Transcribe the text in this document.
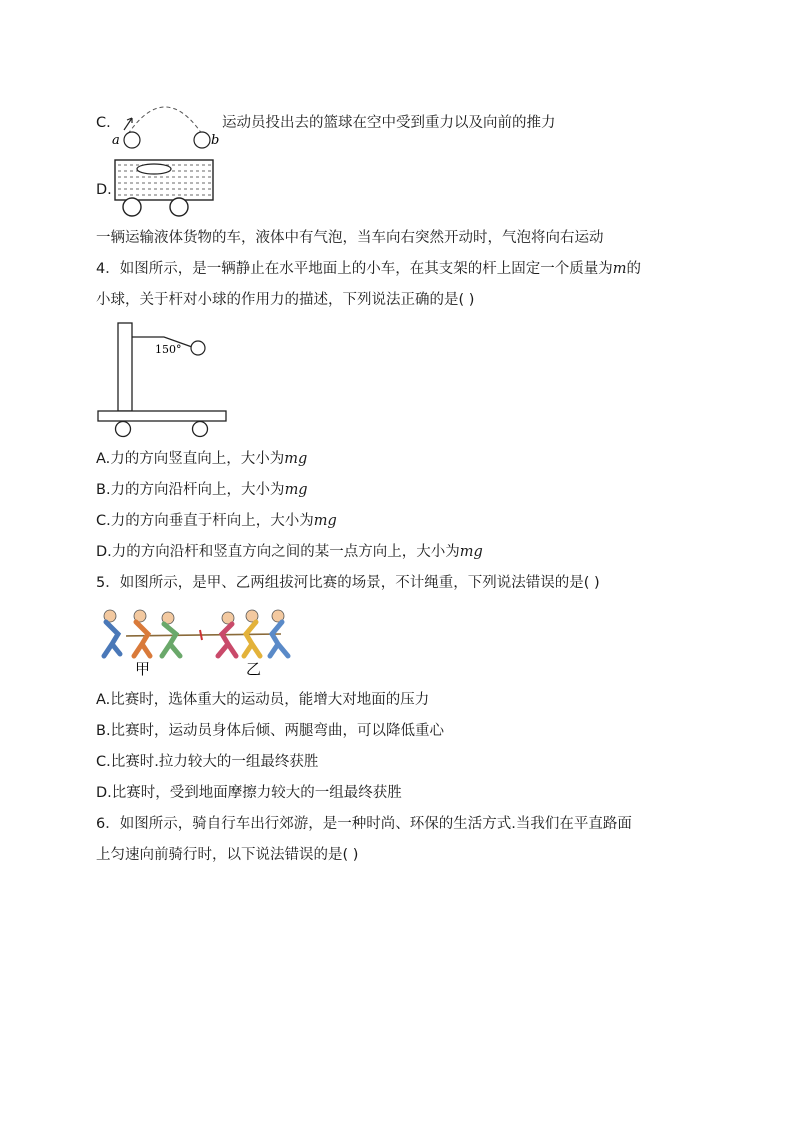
C.
a	b
运动员投出去的篮球在空中受到重力以及向前的推力
D.
一辆运输液体货物的车，液体中有气泡，当车向右突然开动时，气泡将向右运动
4．如图所示，是一辆静止在水平地面上的小车，在其支架的杆上固定一个质量为m的
小球，关于杆对小球的作用力的描述，下列说法正确的是( )
150°
A.力的方向竖直向上，大小为mg
B.力的方向沿杆向上，大小为mg
C.力的方向垂直于杆向上，大小为mg
D.力的方向沿杆和竖直方向之间的某一点方向上，大小为mg
5．如图所示，是甲、乙两组拔河比赛的场景，不计绳重，下列说法错误的是( )
甲	乙
A.比赛时，选体重大的运动员，能增大对地面的压力
B.比赛时，运动员身体后倾、两腿弯曲，可以降低重心
C.比赛时.拉力较大的一组最终获胜
D.比赛时，受到地面摩擦力较大的一组最终获胜
6．如图所示，骑自行车出行郊游，是一种时尚、环保的生活方式.当我们在平直路面
上匀速向前骑行时，以下说法错误的是( )
